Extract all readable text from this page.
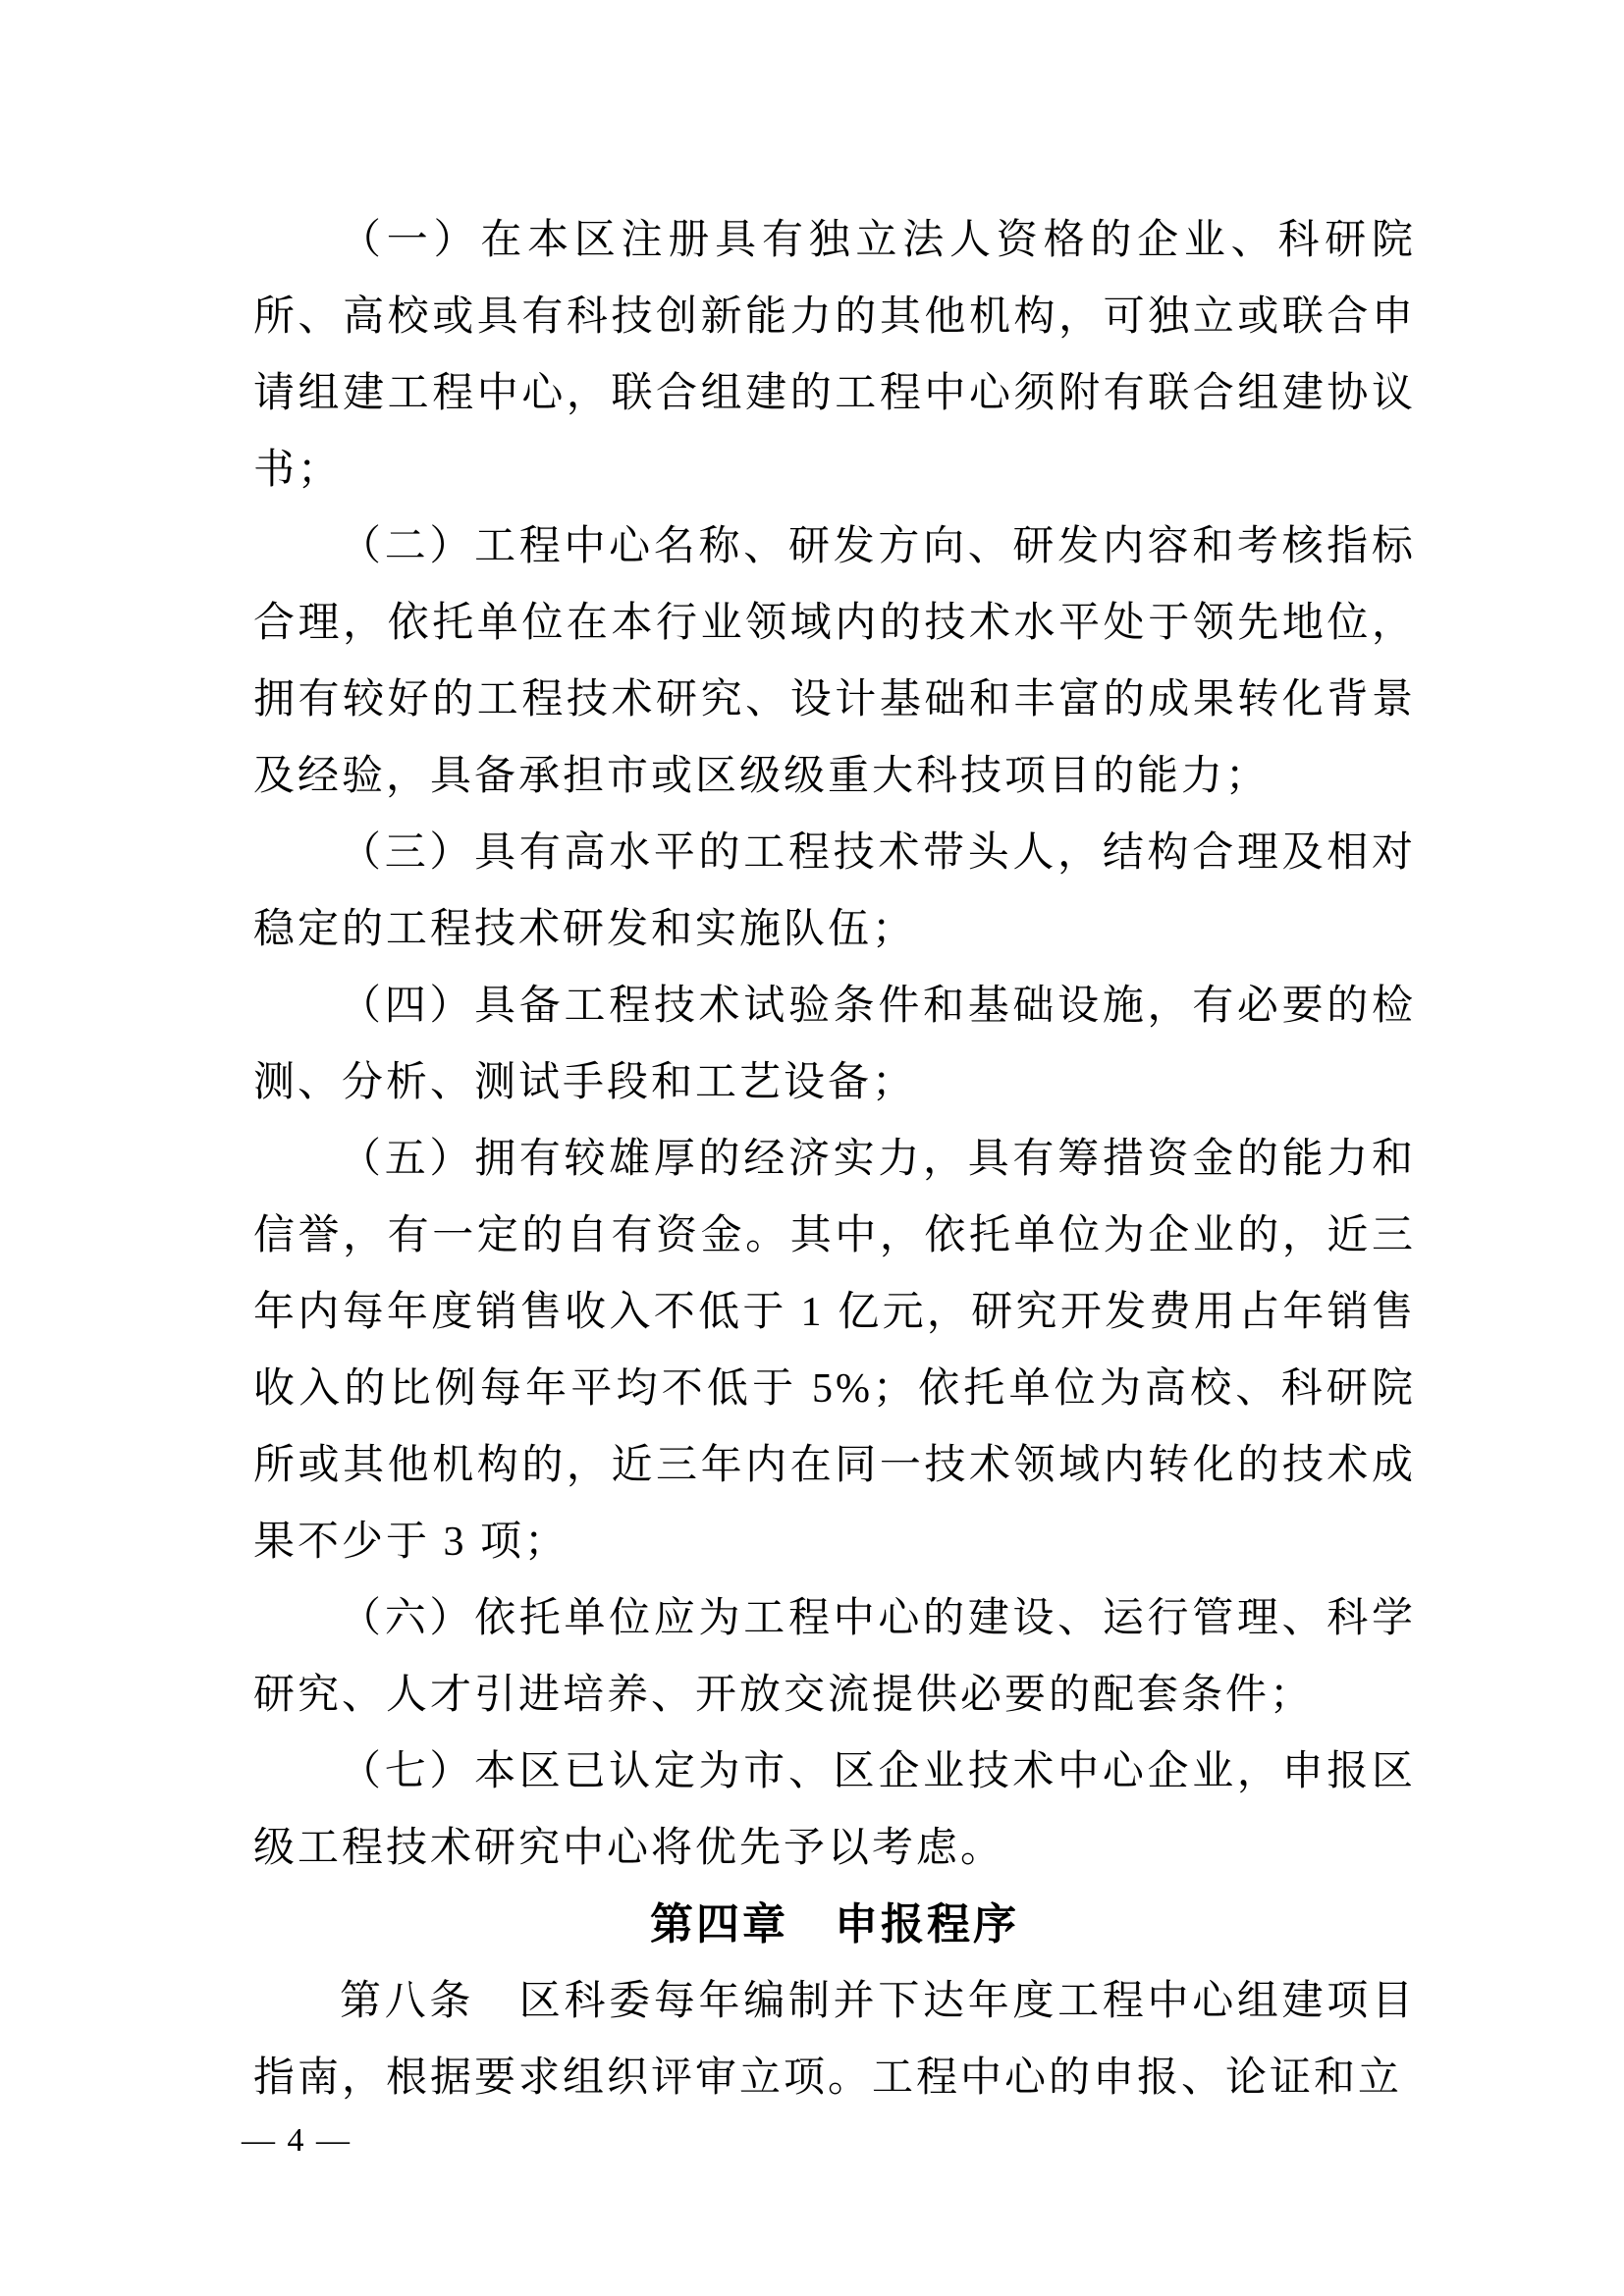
（一）在本区注册具有独立法人资格的企业、科研院所、高校或具有科技创新能力的其他机构，可独立或联合申请组建工程中心，联合组建的工程中心须附有联合组建协议书；

（二）工程中心名称、研发方向、研发内容和考核指标合理，依托单位在本行业领域内的技术水平处于领先地位，拥有较好的工程技术研究、设计基础和丰富的成果转化背景及经验，具备承担市或区级级重大科技项目的能力；

（三）具有高水平的工程技术带头人，结构合理及相对稳定的工程技术研发和实施队伍；

（四）具备工程技术试验条件和基础设施，有必要的检测、分析、测试手段和工艺设备；

（五）拥有较雄厚的经济实力，具有筹措资金的能力和信誉，有一定的自有资金。其中，依托单位为企业的，近三年内每年度销售收入不低于 1 亿元，研究开发费用占年销售收入的比例每年平均不低于 5%；依托单位为高校、科研院所或其他机构的，近三年内在同一技术领域内转化的技术成果不少于 3 项；

（六）依托单位应为工程中心的建设、运行管理、科学研究、人才引进培养、开放交流提供必要的配套条件；

（七）本区已认定为市、区企业技术中心企业，申报区级工程技术研究中心将优先予以考虑。

第四章　申报程序

第八条　区科委每年编制并下达年度工程中心组建项目指南，根据要求组织评审立项。工程中心的申报、论证和立

— 4 —
